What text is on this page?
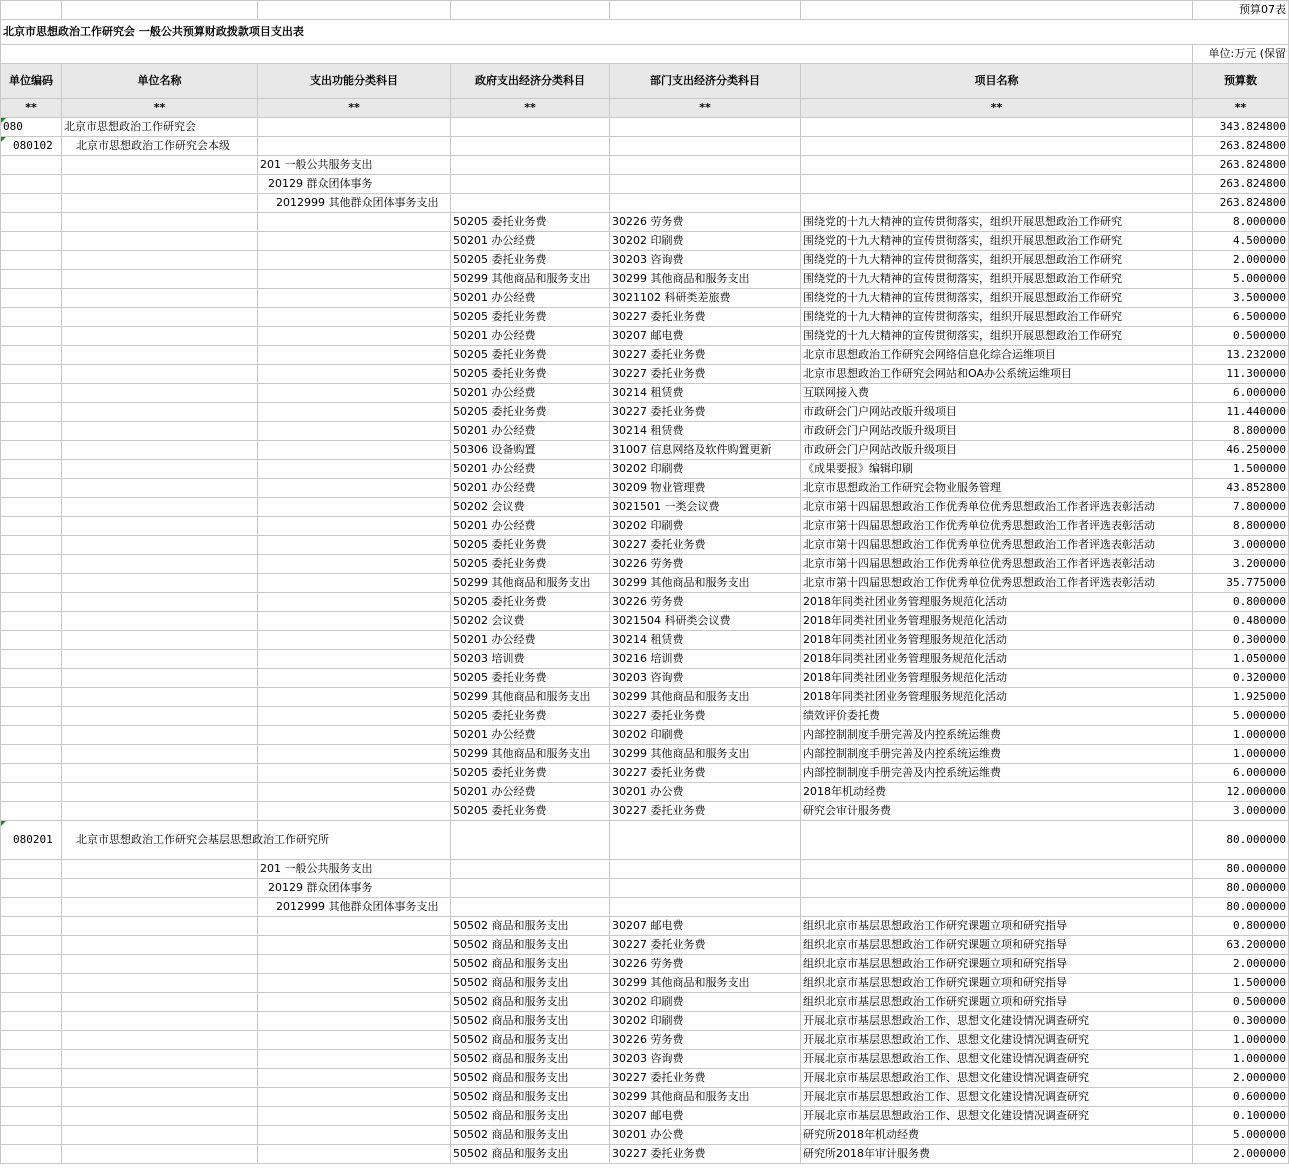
						预算07表
北京市思想政治工作研究会 一般公共预算财政拨款项目支出表						
						单位:万元 (保留
单位编码	单位名称	支出功能分类科目	政府支出经济分类科目	部门支出经济分类科目	项目名称	预算数
**	**	**	**	**	**	**
080	北京市思想政治工作研究会					343.824800
080102	北京市思想政治工作研究会本级					263.824800
		201 一般公共服务支出				263.824800
		20129 群众团体事务				263.824800
		2012999 其他群众团体事务支出				263.824800
			50205 委托业务费	30226 劳务费	围绕党的十九大精神的宣传贯彻落实，组织开展思想政治工作研究	8.000000
			50201 办公经费	30202 印刷费	围绕党的十九大精神的宣传贯彻落实，组织开展思想政治工作研究	4.500000
			50205 委托业务费	30203 咨询费	围绕党的十九大精神的宣传贯彻落实，组织开展思想政治工作研究	2.000000
			50299 其他商品和服务支出	30299 其他商品和服务支出	围绕党的十九大精神的宣传贯彻落实，组织开展思想政治工作研究	5.000000
			50201 办公经费	3021102 科研类差旅费	围绕党的十九大精神的宣传贯彻落实，组织开展思想政治工作研究	3.500000
			50205 委托业务费	30227 委托业务费	围绕党的十九大精神的宣传贯彻落实，组织开展思想政治工作研究	6.500000
			50201 办公经费	30207 邮电费	围绕党的十九大精神的宣传贯彻落实，组织开展思想政治工作研究	0.500000
			50205 委托业务费	30227 委托业务费	北京市思想政治工作研究会网络信息化综合运维项目	13.232000
			50205 委托业务费	30227 委托业务费	北京市思想政治工作研究会网站和OA办公系统运维项目	11.300000
			50201 办公经费	30214 租赁费	互联网接入费	6.000000
			50205 委托业务费	30227 委托业务费	市政研会门户网站改版升级项目	11.440000
			50201 办公经费	30214 租赁费	市政研会门户网站改版升级项目	8.800000
			50306 设备购置	31007 信息网络及软件购置更新	市政研会门户网站改版升级项目	46.250000
			50201 办公经费	30202 印刷费	《成果要报》编辑印刷	1.500000
			50201 办公经费	30209 物业管理费	北京市思想政治工作研究会物业服务管理	43.852800
			50202 会议费	3021501 一类会议费	北京市第十四届思想政治工作优秀单位优秀思想政治工作者评选表彰活动	7.800000
			50201 办公经费	30202 印刷费	北京市第十四届思想政治工作优秀单位优秀思想政治工作者评选表彰活动	8.800000
			50205 委托业务费	30227 委托业务费	北京市第十四届思想政治工作优秀单位优秀思想政治工作者评选表彰活动	3.000000
			50205 委托业务费	30226 劳务费	北京市第十四届思想政治工作优秀单位优秀思想政治工作者评选表彰活动	3.200000
			50299 其他商品和服务支出	30299 其他商品和服务支出	北京市第十四届思想政治工作优秀单位优秀思想政治工作者评选表彰活动	35.775000
			50205 委托业务费	30226 劳务费	2018年同类社团业务管理服务规范化活动	0.800000
			50202 会议费	3021504 科研类会议费	2018年同类社团业务管理服务规范化活动	0.480000
			50201 办公经费	30214 租赁费	2018年同类社团业务管理服务规范化活动	0.300000
			50203 培训费	30216 培训费	2018年同类社团业务管理服务规范化活动	1.050000
			50205 委托业务费	30203 咨询费	2018年同类社团业务管理服务规范化活动	0.320000
			50299 其他商品和服务支出	30299 其他商品和服务支出	2018年同类社团业务管理服务规范化活动	1.925000
			50205 委托业务费	30227 委托业务费	绩效评价委托费	5.000000
			50201 办公经费	30202 印刷费	内部控制制度手册完善及内控系统运维费	1.000000
			50299 其他商品和服务支出	30299 其他商品和服务支出	内部控制制度手册完善及内控系统运维费	1.000000
			50205 委托业务费	30227 委托业务费	内部控制制度手册完善及内控系统运维费	6.000000
			50201 办公经费	30201 办公费	2018年机动经费	12.000000
			50205 委托业务费	30227 委托业务费	研究会审计服务费	3.000000
080201	北京市思想政治工作研究会基层思想政治工作研究所					80.000000
		201 一般公共服务支出				80.000000
		20129 群众团体事务				80.000000
		2012999 其他群众团体事务支出				80.000000
			50502 商品和服务支出	30207 邮电费	组织北京市基层思想政治工作研究课题立项和研究指导	0.800000
			50502 商品和服务支出	30227 委托业务费	组织北京市基层思想政治工作研究课题立项和研究指导	63.200000
			50502 商品和服务支出	30226 劳务费	组织北京市基层思想政治工作研究课题立项和研究指导	2.000000
			50502 商品和服务支出	30299 其他商品和服务支出	组织北京市基层思想政治工作研究课题立项和研究指导	1.500000
			50502 商品和服务支出	30202 印刷费	组织北京市基层思想政治工作研究课题立项和研究指导	0.500000
			50502 商品和服务支出	30202 印刷费	开展北京市基层思想政治工作、思想文化建设情况调查研究	0.300000
			50502 商品和服务支出	30226 劳务费	开展北京市基层思想政治工作、思想文化建设情况调查研究	1.000000
			50502 商品和服务支出	30203 咨询费	开展北京市基层思想政治工作、思想文化建设情况调查研究	1.000000
			50502 商品和服务支出	30227 委托业务费	开展北京市基层思想政治工作、思想文化建设情况调查研究	2.000000
			50502 商品和服务支出	30299 其他商品和服务支出	开展北京市基层思想政治工作、思想文化建设情况调查研究	0.600000
			50502 商品和服务支出	30207 邮电费	开展北京市基层思想政治工作、思想文化建设情况调查研究	0.100000
			50502 商品和服务支出	30201 办公费	研究所2018年机动经费	5.000000
			50502 商品和服务支出	30227 委托业务费	研究所2018年审计服务费	2.000000
